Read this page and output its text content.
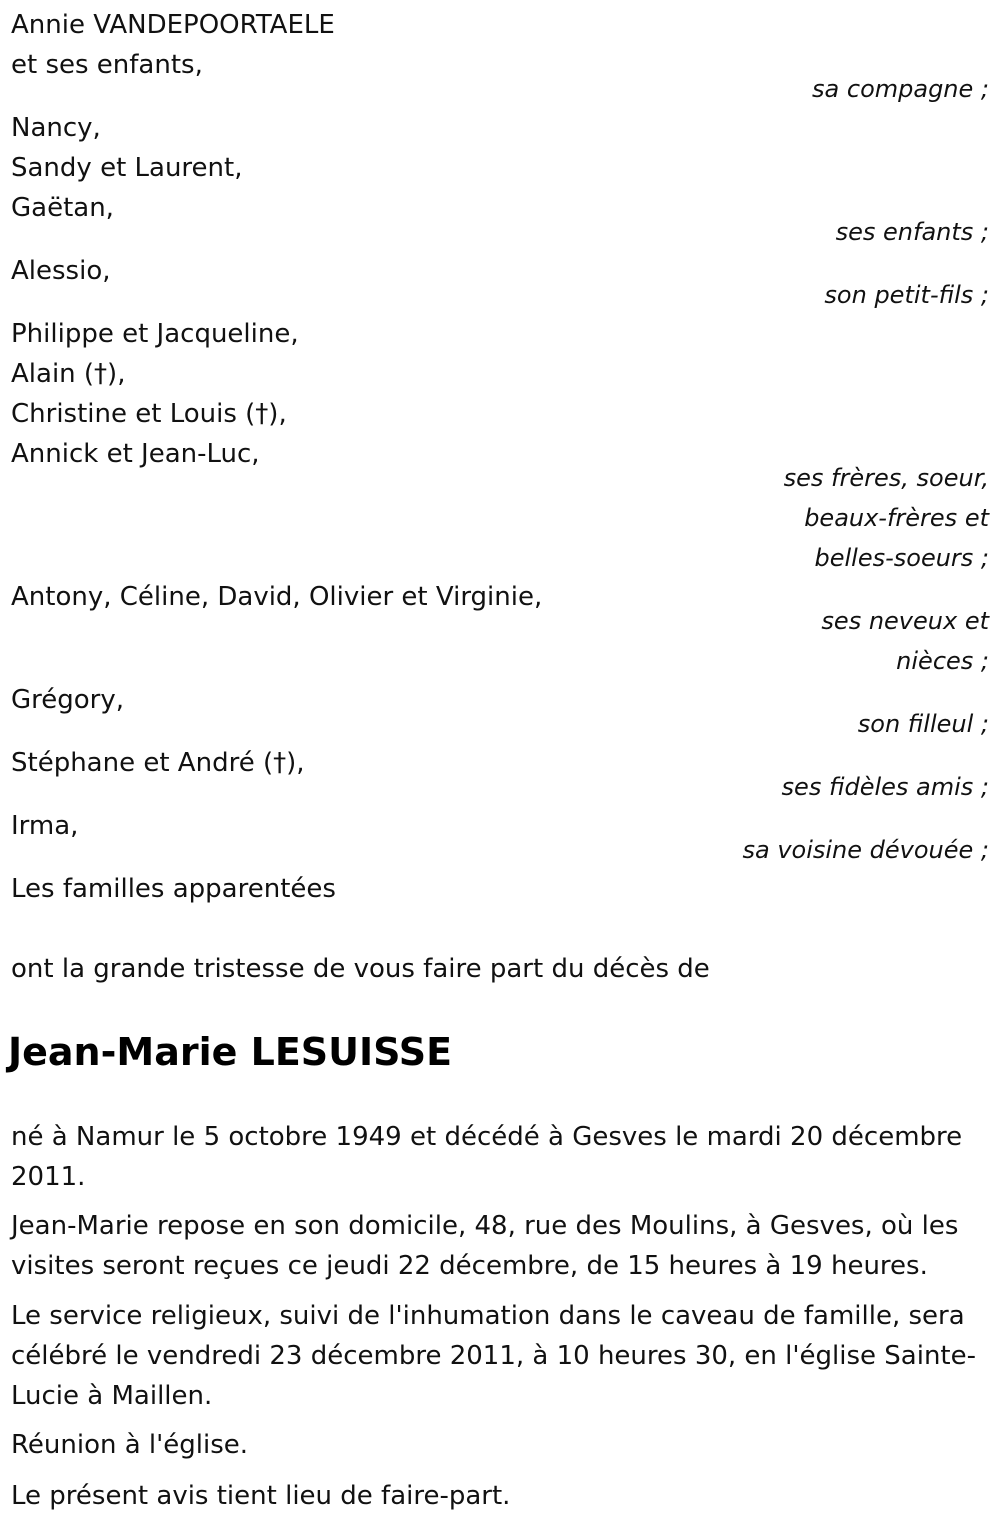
Annie VANDEPOORTAELE
et ses enfants,
sa compagne ;
Nancy,
Sandy et Laurent,
Gaëtan,
ses enfants ;
Alessio,
son petit-fils ;
Philippe et Jacqueline,
Alain (†),
Christine et Louis (†),
Annick et Jean-Luc,
ses frères, soeur,
beaux-frères et
belles-soeurs ;
Antony, Céline, David, Olivier et Virginie,
ses neveux et
nièces ;
Grégory,
son filleul ;
Stéphane et André (†),
ses fidèles amis ;
Irma,
sa voisine dévouée ;
Les familles apparentées
ont la grande tristesse de vous faire part du décès de
Jean-Marie LESUISSE
né à Namur le 5 octobre 1949 et décédé à Gesves le mardi 20 décembre 2011.
Jean-Marie repose en son domicile, 48, rue des Moulins, à Gesves, où les visites seront reçues ce jeudi 22 décembre, de 15 heures à 19 heures.
Le service religieux, suivi de l'inhumation dans le caveau de famille, sera célébré le vendredi 23 décembre 2011, à 10 heures 30, en l'église Sainte-Lucie à Maillen.
Réunion à l'église.
Le présent avis tient lieu de faire-part.
